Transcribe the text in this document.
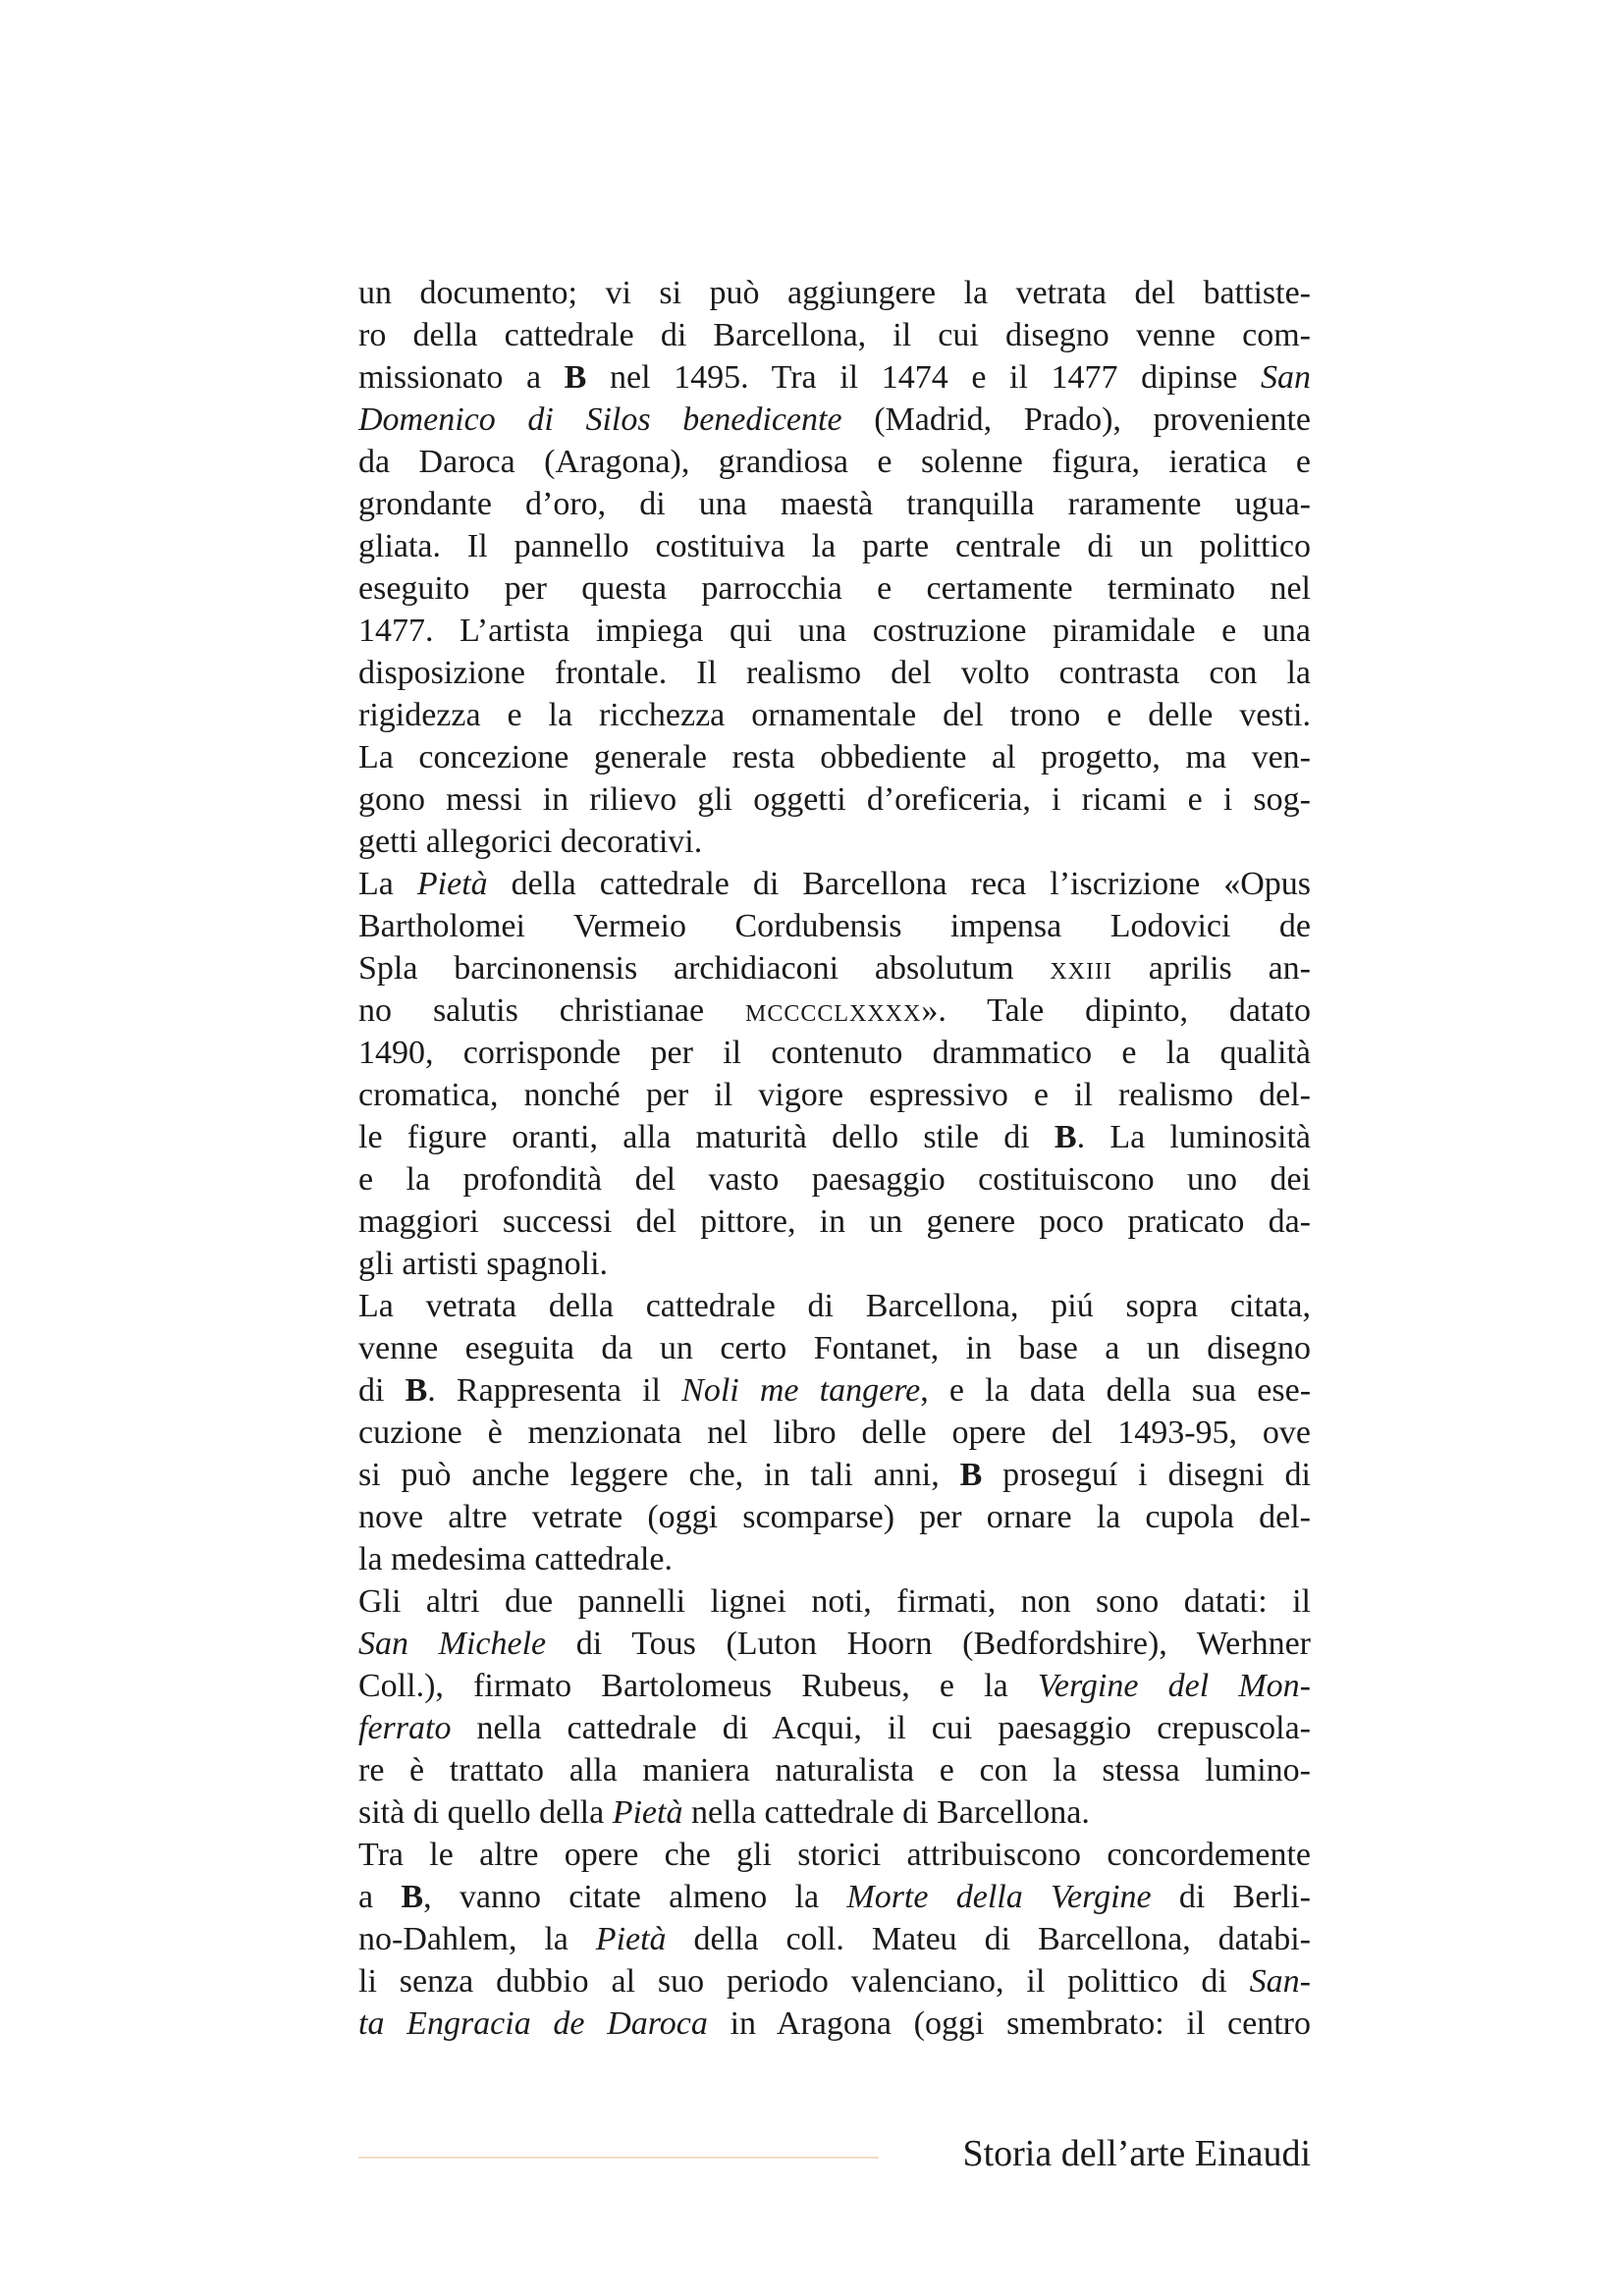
un documento; vi si può aggiungere la vetrata del battiste-
ro della cattedrale di Barcellona, il cui disegno venne com-
missionato a B nel 1495. Tra il 1474 e il 1477 dipinse San
Domenico di Silos benedicente (Madrid, Prado), proveniente
da Daroca (Aragona), grandiosa e solenne figura, ieratica e
grondante d’oro, di una maestà tranquilla raramente ugua-
gliata. Il pannello costituiva la parte centrale di un polittico
eseguito per questa parrocchia e certamente terminato nel
1477. L’artista impiega qui una costruzione piramidale e una
disposizione frontale. Il realismo del volto contrasta con la
rigidezza e la ricchezza ornamentale del trono e delle vesti.
La concezione generale resta obbediente al progetto, ma ven-
gono messi in rilievo gli oggetti d’oreficeria, i ricami e i sog-
getti allegorici decorativi.
La Pietà della cattedrale di Barcellona reca l’iscrizione «Opus
Bartholomei Vermeio Cordubensis impensa Lodovici de
Spla barcinonensis archidiaconi absolutum xxiii aprilis an-
no salutis christianae mcccclxxxx». Tale dipinto, datato
1490, corrisponde per il contenuto drammatico e la qualità
cromatica, nonché per il vigore espressivo e il realismo del-
le figure oranti, alla maturità dello stile di B. La luminosità
e la profondità del vasto paesaggio costituiscono uno dei
maggiori successi del pittore, in un genere poco praticato da-
gli artisti spagnoli.
La vetrata della cattedrale di Barcellona, piú sopra citata,
venne eseguita da un certo Fontanet, in base a un disegno
di B. Rappresenta il Noli me tangere, e la data della sua ese-
cuzione è menzionata nel libro delle opere del 1493-95, ove
si può anche leggere che, in tali anni, B proseguí i disegni di
nove altre vetrate (oggi scomparse) per ornare la cupola del-
la medesima cattedrale.
Gli altri due pannelli lignei noti, firmati, non sono datati: il
San Michele di Tous (Luton Hoorn (Bedfordshire), Werhner
Coll.), firmato Bartolomeus Rubeus, e la Vergine del Mon-
ferrato nella cattedrale di Acqui, il cui paesaggio crepuscola-
re è trattato alla maniera naturalista e con la stessa lumino-
sità di quello della Pietà nella cattedrale di Barcellona.
Tra le altre opere che gli storici attribuiscono concordemente
a B, vanno citate almeno la Morte della Vergine di Berli-
no-Dahlem, la Pietà della coll. Mateu di Barcellona, databi-
li senza dubbio al suo periodo valenciano, il polittico di San-
ta Engracia de Daroca in Aragona (oggi smembrato: il centro
Storia dell’arte Einaudi
